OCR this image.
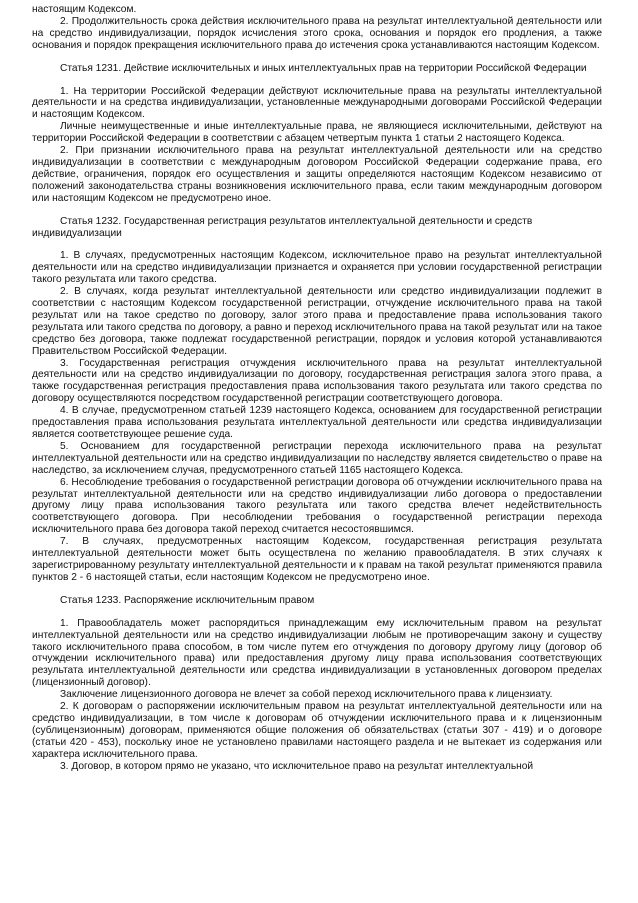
настоящим Кодексом.

2. Продолжительность срока действия исключительного права на результат интеллектуальной деятельности или на средство индивидуализации, порядок исчисления этого срока, основания и порядок его продления, а также основания и порядок прекращения исключительного права до истечения срока устанавливаются настоящим Кодексом.

Статья 1231. Действие исключительных и иных интеллектуальных прав на территории Российской Федерации

1. На территории Российской Федерации действуют исключительные права на результаты интеллектуальной деятельности и на средства индивидуализации, установленные международными договорами Российской Федерации и настоящим Кодексом.

Личные неимущественные и иные интеллектуальные права, не являющиеся исключительными, действуют на территории Российской Федерации в соответствии с абзацем четвертым пункта 1 статьи 2 настоящего Кодекса.

2. При признании исключительного права на результат интеллектуальной деятельности или на средство индивидуализации в соответствии с международным договором Российской Федерации содержание права, его действие, ограничения, порядок его осуществления и защиты определяются настоящим Кодексом независимо от положений законодательства страны возникновения исключительного права, если таким международным договором или настоящим Кодексом не предусмотрено иное.

Статья 1232. Государственная регистрация результатов интеллектуальной деятельности и средств индивидуализации

1. В случаях, предусмотренных настоящим Кодексом, исключительное право на результат интеллектуальной деятельности или на средство индивидуализации признается и охраняется при условии государственной регистрации такого результата или такого средства.

2. В случаях, когда результат интеллектуальной деятельности или средство индивидуализации подлежит в соответствии с настоящим Кодексом государственной регистрации, отчуждение исключительного права на такой результат или на такое средство по договору, залог этого права и предоставление права использования такого результата или такого средства по договору, а равно и переход исключительного права на такой результат или на такое средство без договора, также подлежат государственной регистрации, порядок и условия которой устанавливаются Правительством Российской Федерации.

3. Государственная регистрация отчуждения исключительного права на результат интеллектуальной деятельности или на средство индивидуализации по договору, государственная регистрация залога этого права, а также государственная регистрация предоставления права использования такого результата или такого средства по договору осуществляются посредством государственной регистрации соответствующего договора.

4. В случае, предусмотренном статьей 1239 настоящего Кодекса, основанием для государственной регистрации предоставления права использования результата интеллектуальной деятельности или средства индивидуализации является соответствующее решение суда.

5. Основанием для государственной регистрации перехода исключительного права на результат интеллектуальной деятельности или на средство индивидуализации по наследству является свидетельство о праве на наследство, за исключением случая, предусмотренного статьей 1165 настоящего Кодекса.

6. Несоблюдение требования о государственной регистрации договора об отчуждении исключительного права на результат интеллектуальной деятельности или на средство индивидуализации либо договора о предоставлении другому лицу права использования такого результата или такого средства влечет недействительность соответствующего договора. При несоблюдении требования о государственной регистрации перехода исключительного права без договора такой переход считается несостоявшимся.

7. В случаях, предусмотренных настоящим Кодексом, государственная регистрация результата интеллектуальной деятельности может быть осуществлена по желанию правообладателя. В этих случаях к зарегистрированному результату интеллектуальной деятельности и к правам на такой результат применяются правила пунктов 2 - 6 настоящей статьи, если настоящим Кодексом не предусмотрено иное.

Статья 1233. Распоряжение исключительным правом

1. Правообладатель может распорядиться принадлежащим ему исключительным правом на результат интеллектуальной деятельности или на средство индивидуализации любым не противоречащим закону и существу такого исключительного права способом, в том числе путем его отчуждения по договору другому лицу (договор об отчуждении исключительного права) или предоставления другому лицу права использования соответствующих результата интеллектуальной деятельности или средства индивидуализации в установленных договором пределах (лицензионный договор).

Заключение лицензионного договора не влечет за собой переход исключительного права к лицензиату.

2. К договорам о распоряжении исключительным правом на результат интеллектуальной деятельности или на средство индивидуализации, в том числе к договорам об отчуждении исключительного права и к лицензионным (сублицензионным) договорам, применяются общие положения об обязательствах (статьи 307 - 419) и о договоре (статьи 420 - 453), поскольку иное не установлено правилами настоящего раздела и не вытекает из содержания или характера исключительного права.

3. Договор, в котором прямо не указано, что исключительное право на результат интеллектуальной
